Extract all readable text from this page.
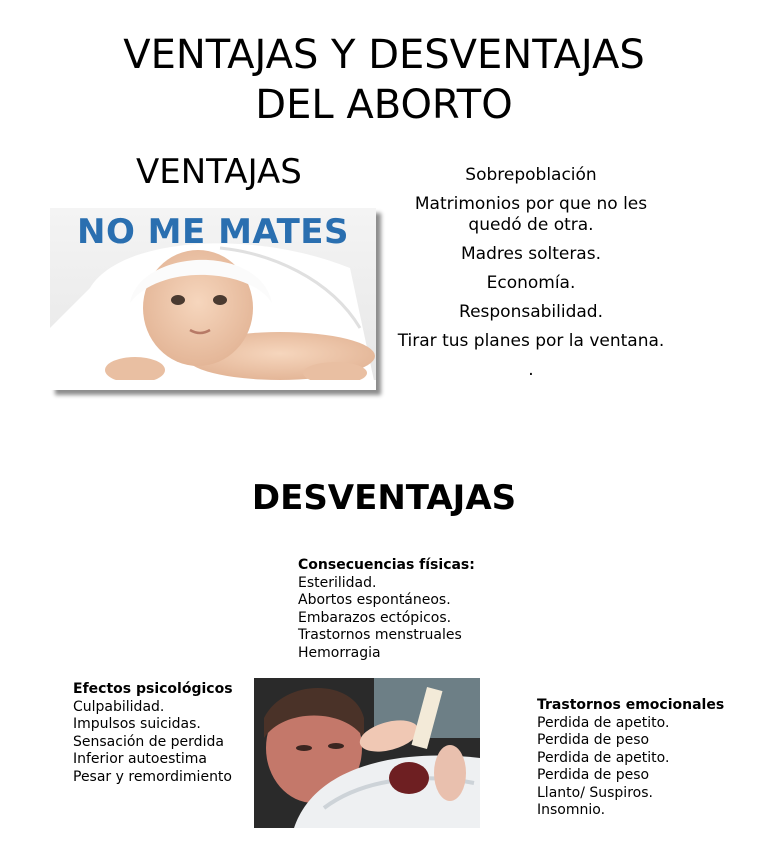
VENTAJAS Y DESVENTAJAS
DEL ABORTO
VENTAJAS
NO ME MATES
Sobrepoblación
Matrimonios por que no les quedó de otra.
Madres solteras.
Economía.
Responsabilidad.
Tirar tus planes por la ventana.
.
DESVENTAJAS
Consecuencias físicas:
Esterilidad.
Abortos espontáneos.
Embarazos ectópicos.
Trastornos menstruales
Hemorragia
Efectos psicológicos
Culpabilidad.
Impulsos suicidas.
Sensación de perdida
Inferior autoestima
Pesar y remordimiento
Trastornos emocionales
Perdida de apetito.
Perdida de peso
Perdida de apetito.
Perdida de peso
Llanto/ Suspiros.
Insomnio.
